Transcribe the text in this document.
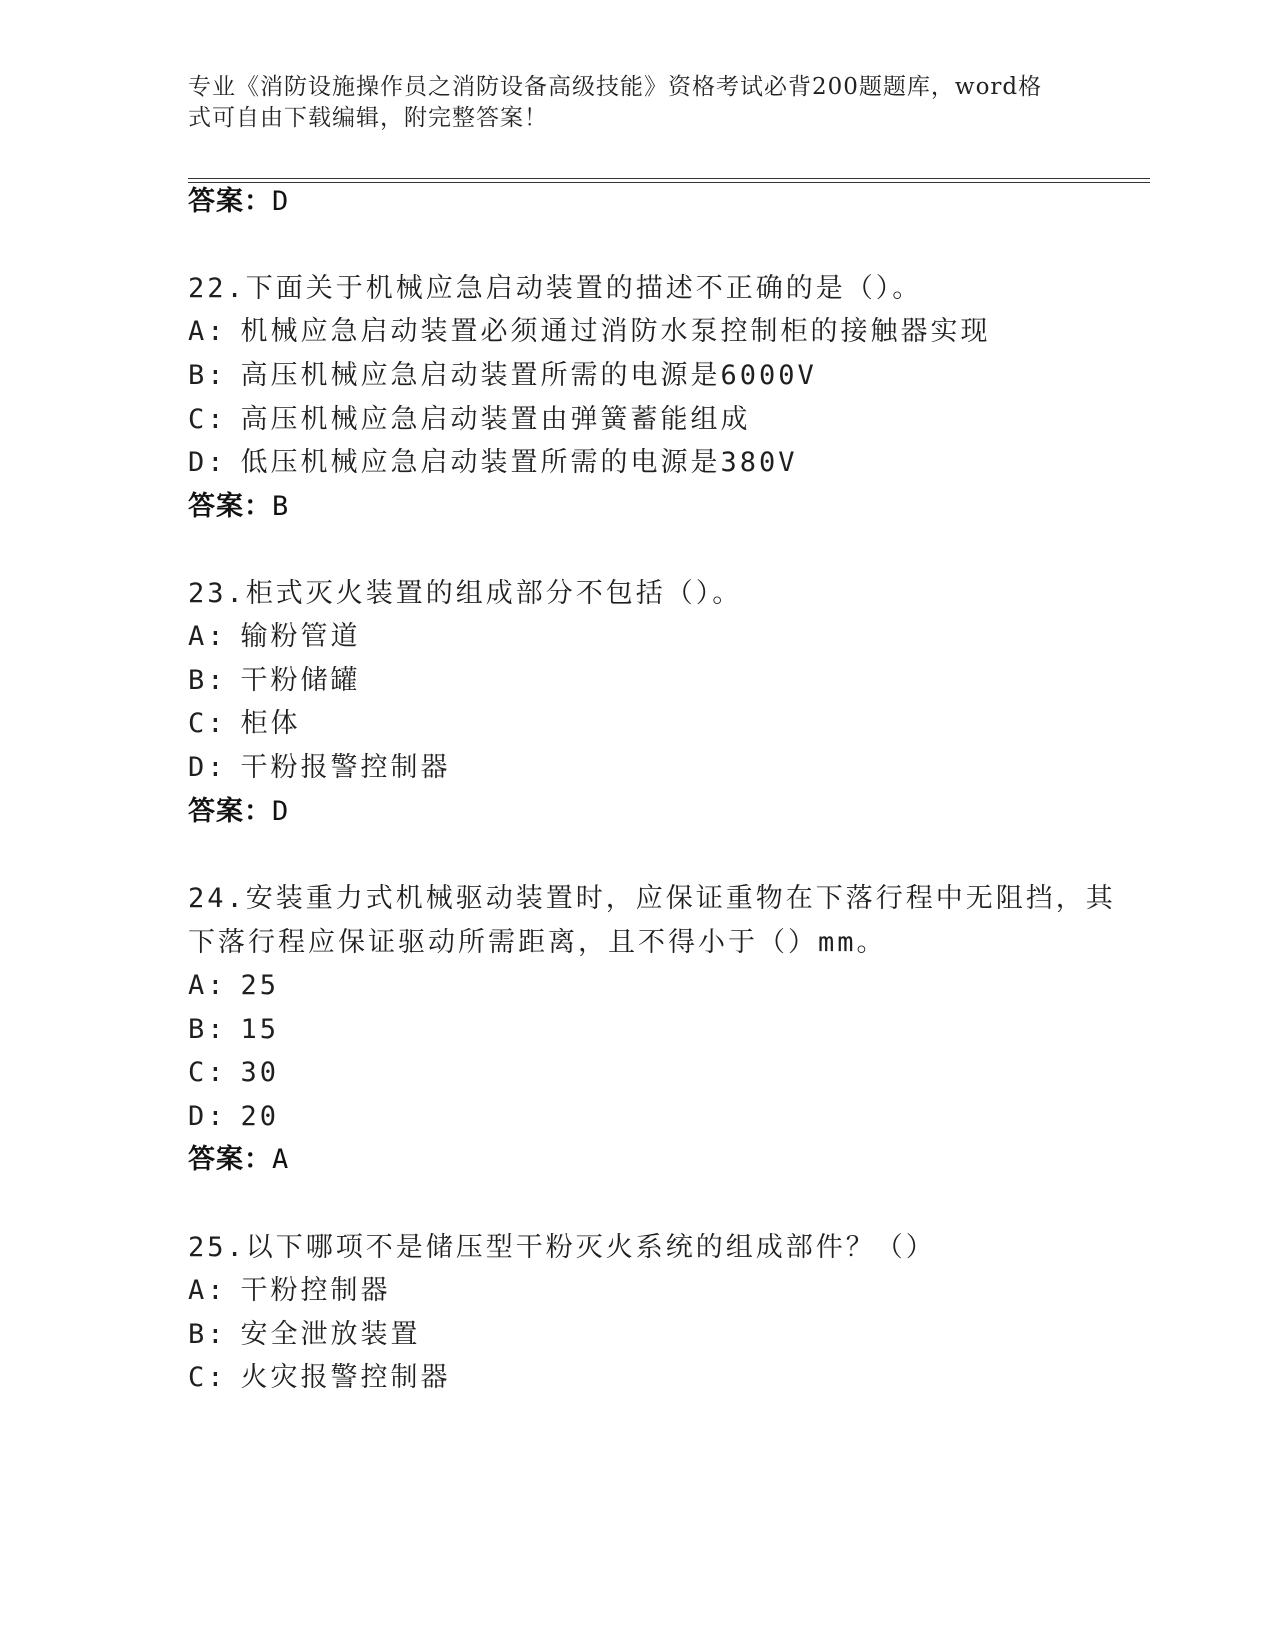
专业《消防设施操作员之消防设备高级技能》资格考试必背200题题库，word格
式可自由下载编辑，附完整答案！
答案：D
22.下面关于机械应急启动装置的描述不正确的是（）。
A: 机械应急启动装置必须通过消防水泵控制柜的接触器实现
B: 高压机械应急启动装置所需的电源是6000V
C: 高压机械应急启动装置由弹簧蓄能组成
D: 低压机械应急启动装置所需的电源是380V
答案：B
23.柜式灭火装置的组成部分不包括（）。
A: 输粉管道
B: 干粉储罐
C: 柜体
D: 干粉报警控制器
答案：D
24.安装重力式机械驱动装置时，应保证重物在下落行程中无阻挡，其
下落行程应保证驱动所需距离，且不得小于（）mm。
A: 25
B: 15
C: 30
D: 20
答案：A
25.以下哪项不是储压型干粉灭火系统的组成部件？（）
A: 干粉控制器
B: 安全泄放装置
C: 火灾报警控制器
